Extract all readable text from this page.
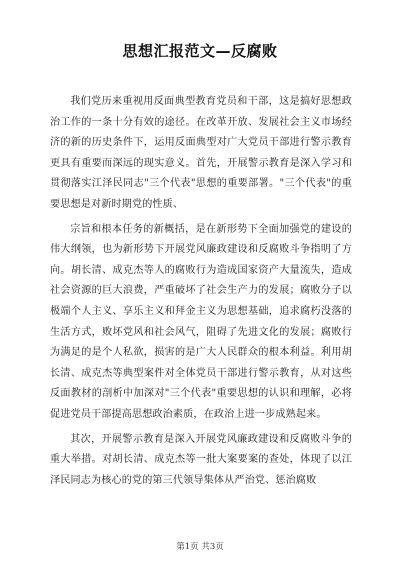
思想汇报范文—反腐败

我们党历来重视用反面典型教育党员和干部，这是搞好思想政治工作的一条十分有效的途径。在改革开放、发展社会主义市场经济的新的历史条件下，运用反面典型对广大党员干部进行警示教育更具有重要而深远的现实意义。首先，开展警示教育是深入学习和贯彻落实江泽民同志"三个代表"思想的重要部署。"三个代表"的重要思想是对新时期党的性质、

宗旨和根本任务的新概括，是在新形势下全面加强党的建设的伟大纲领，也为新形势下开展党风廉政建设和反腐败斗争指明了方向。胡长清、成克杰等人的腐败行为造成国家资产大量流失，造成社会资源的巨大浪费，严重破坏了社会生产力的发展；腐败分子以极端个人主义、享乐主义和拜金主义为思想基础，追求腐朽没落的生活方式，败坏党风和社会风气，阻碍了先进文化的发展；腐败行为满足的是个人私欲，损害的是广大人民群众的根本利益。利用胡长清、成克杰等典型案件对全体党员干部进行警示教育，从对这些反面教材的剖析中加深对"三个代表"重要思想的认识和理解，必将促进党员干部提高思想政治素质，在政治上进一步成熟起来。

其次，开展警示教育是深入开展党风廉政建设和反腐败斗争的重大举措。对胡长清、成克杰等一批大案要案的查处，体现了以江泽民同志为核心的党的第三代领导集体从严治党、惩治腐败

第1页 共3页
